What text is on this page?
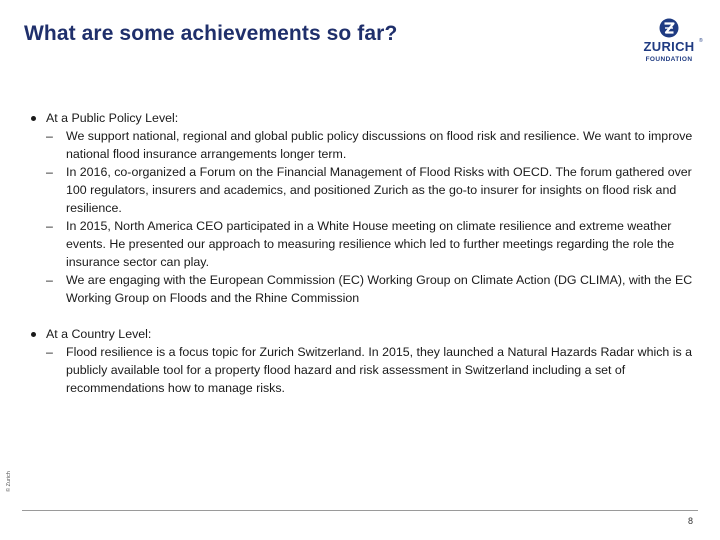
What are some achievements so far?	®
ZURICH
FOUNDATION
At a Public Policy Level:
– We support national, regional and global public policy discussions on flood risk and resilience. We want to improve national flood insurance arrangements longer term.
– In 2016, co-organized a Forum on the Financial Management of Flood Risks with OECD. The forum gathered over 100 regulators, insurers and academics, and positioned Zurich as the go-to insurer for insights on flood risk and resilience.
– In 2015, North America CEO participated in a White House meeting on climate resilience and extreme weather events. He presented our approach to measuring resilience which led to further meetings regarding the role the insurance sector can play.
– We are engaging with the European Commission (EC) Working Group on Climate Action (DG CLIMA), with the EC Working Group on Floods and the Rhine Commission
At a Country Level:
– Flood resilience is a focus topic for Zurich Switzerland. In 2015, they launched a Natural Hazards Radar which is a publicly available tool for a property flood hazard and risk assessment in Switzerland including a set of recommendations how to manage risks.
© Zurich
8
